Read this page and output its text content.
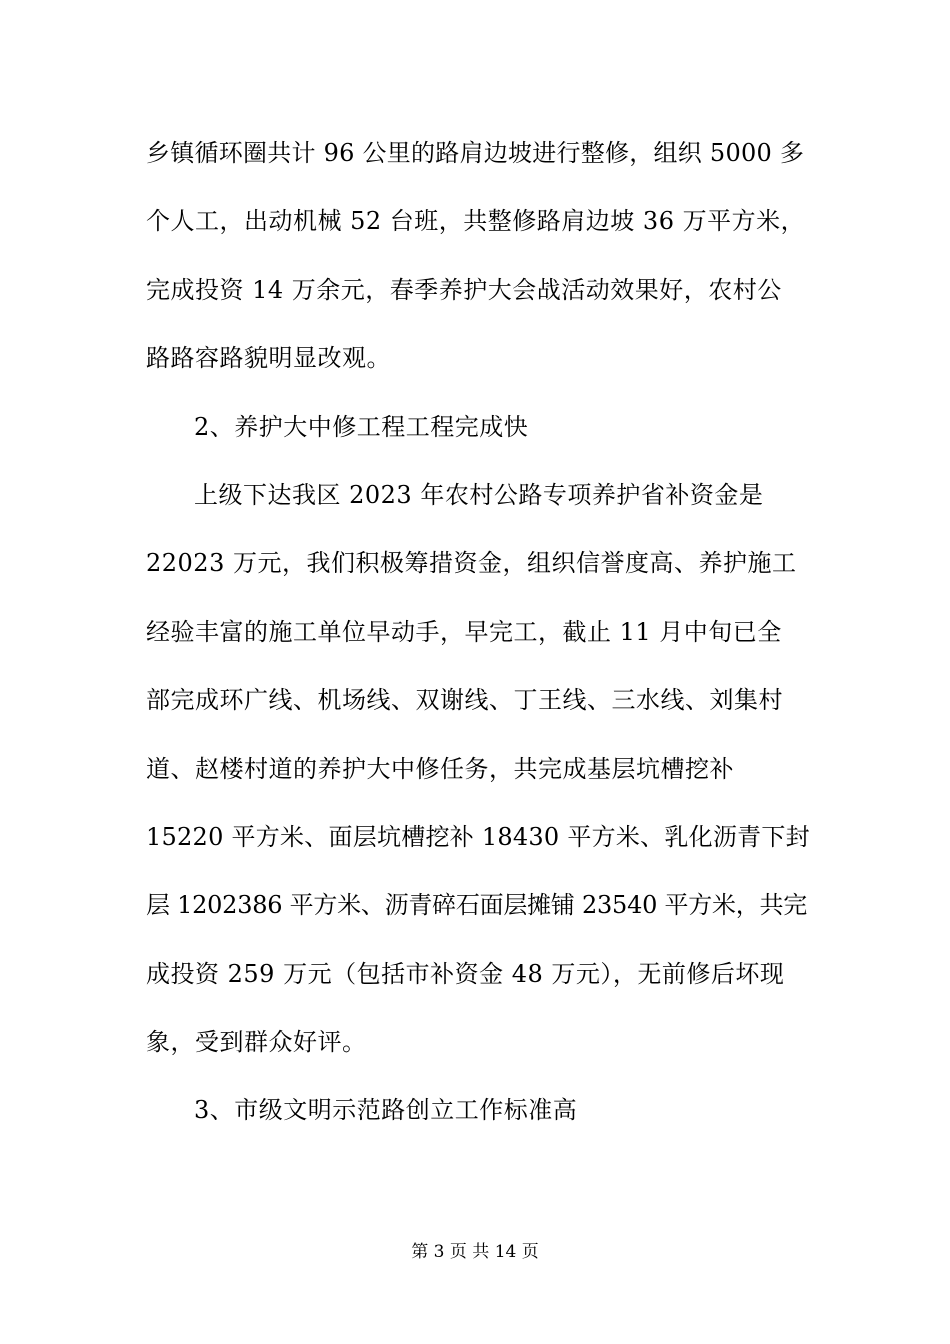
乡镇循环圈共计 96 公里的路肩边坡进行整修，组织 5000 多
个人工，出动机械 52 台班，共整修路肩边坡 36 万平方米，
完成投资 14 万余元，春季养护大会战活动效果好，农村公
路路容路貌明显改观。
2、养护大中修工程工程完成快
上级下达我区 2023 年农村公路专项养护省补资金是
22023 万元，我们积极筹措资金，组织信誉度高、养护施工
经验丰富的施工单位早动手，早完工，截止 11 月中旬已全
部完成环广线、机场线、双谢线、丁王线、三水线、刘集村
道、赵楼村道的养护大中修任务，共完成基层坑槽挖补
15220 平方米、面层坑槽挖补 18430 平方米、乳化沥青下封
层 1202386 平方米、沥青碎石面层摊铺 23540 平方米，共完
成投资 259 万元（包括市补资金 48 万元），无前修后坏现
象，受到群众好评。
3、市级文明示范路创立工作标准高
第 3 页 共 14 页
